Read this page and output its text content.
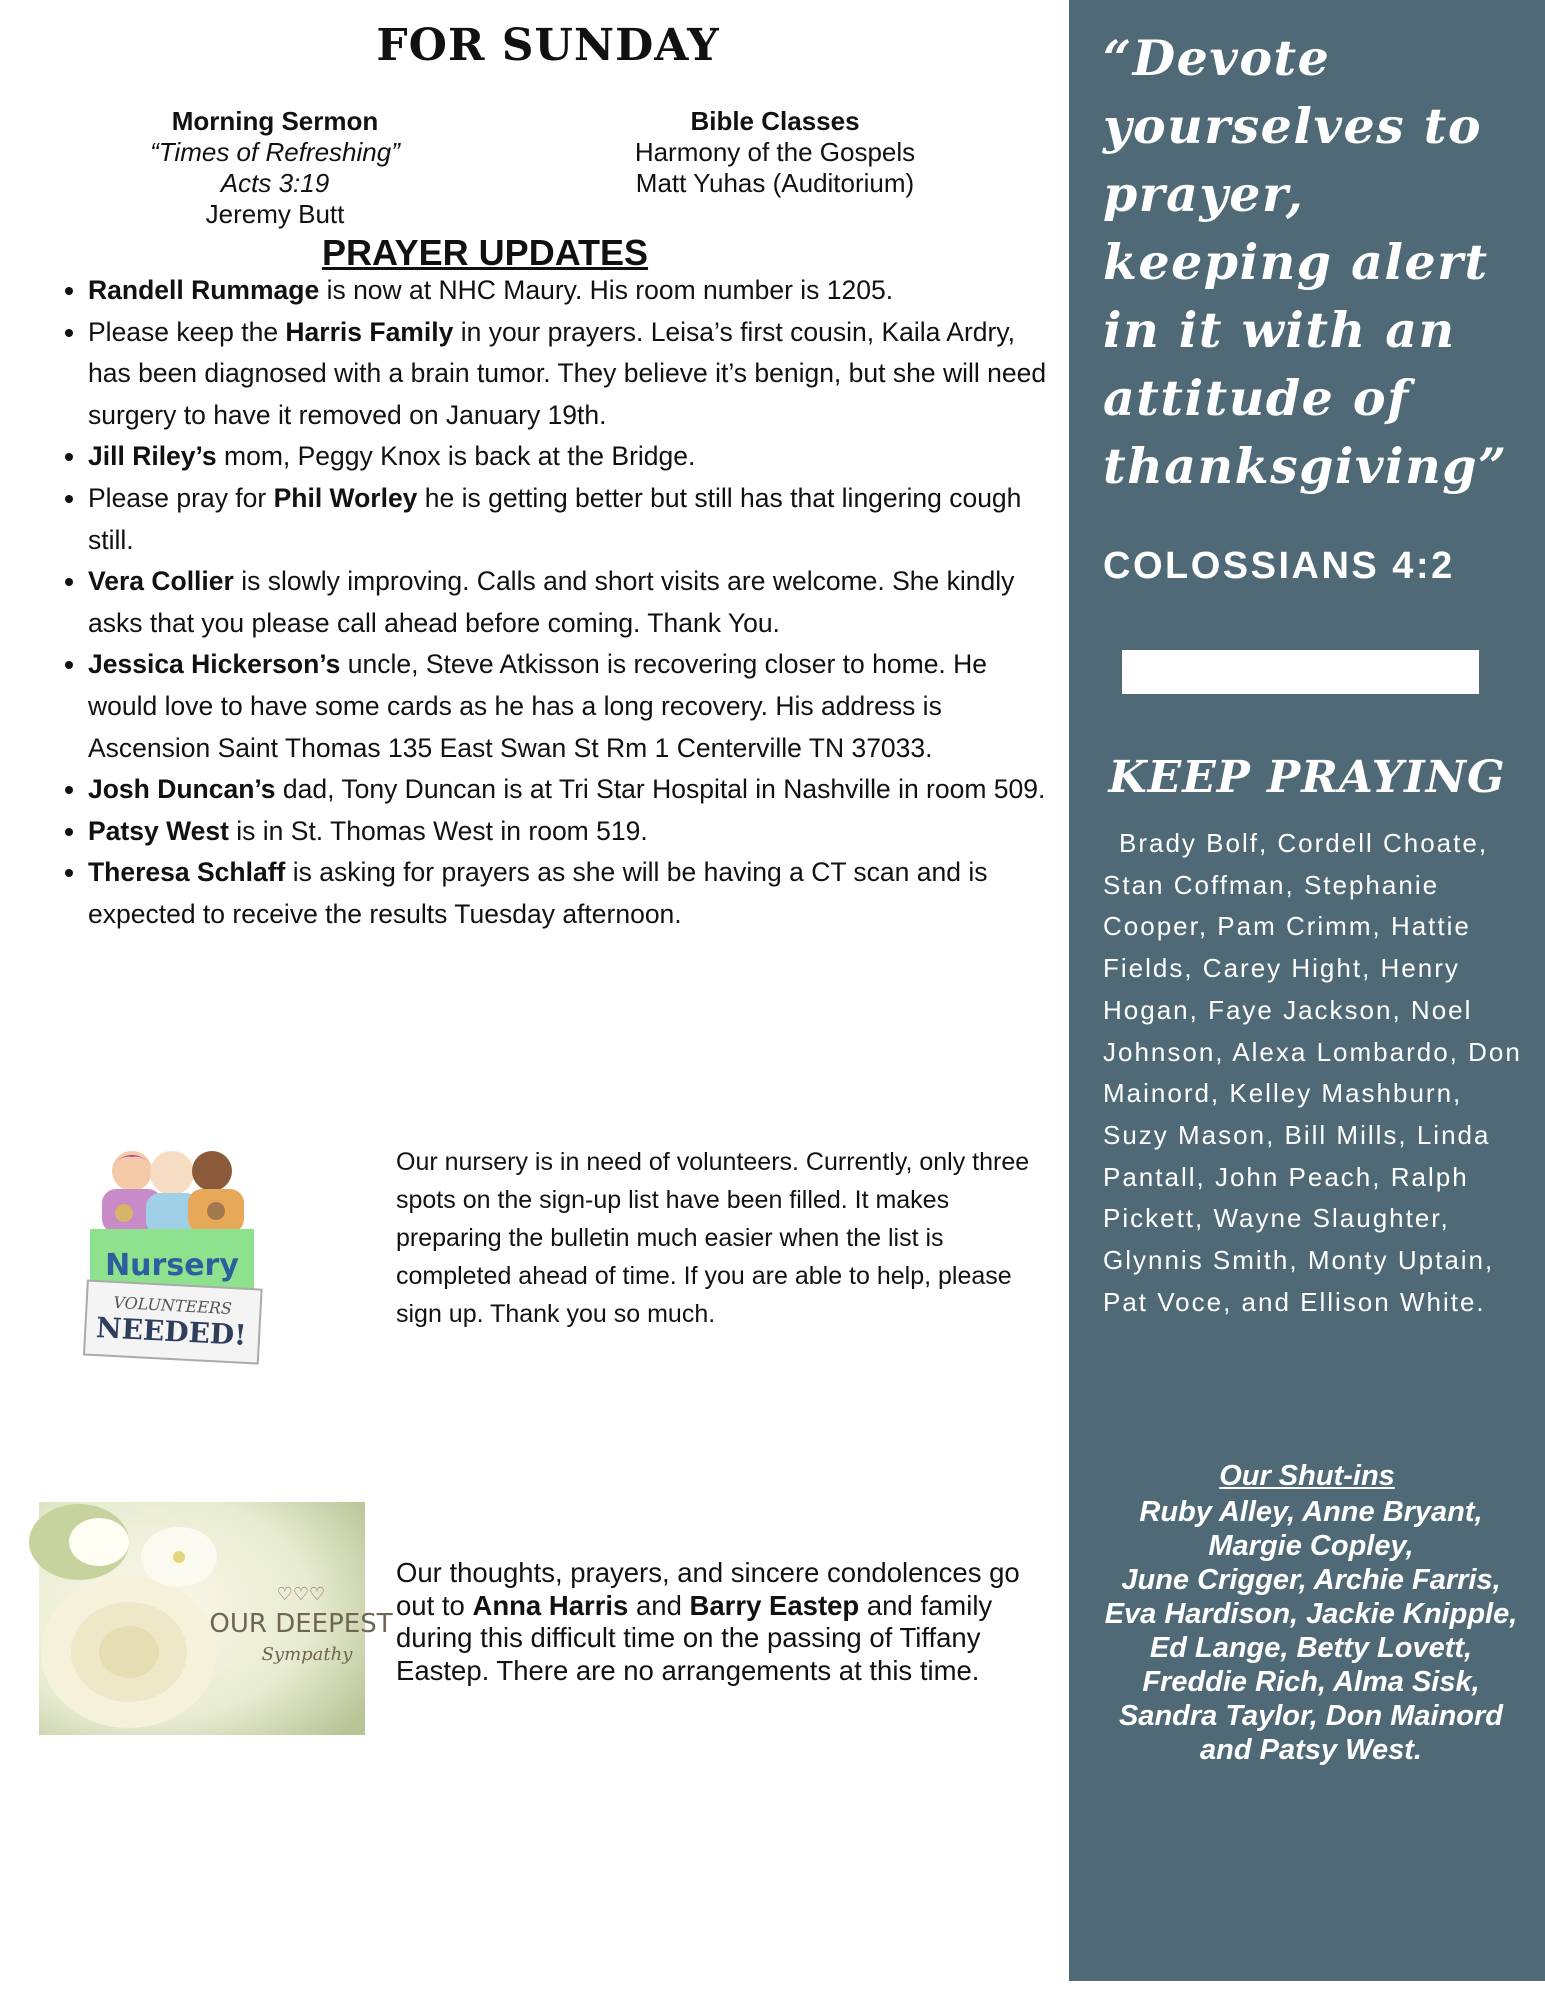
FOR SUNDAY
Morning Sermon
“Times of Refreshing”
Acts 3:19
Jeremy Butt
Bible Classes
Harmony of the Gospels
Matt Yuhas (Auditorium)
PRAYER UPDATES
• Randell Rummage is now at NHC Maury. His room number is 1205.
• Please keep the Harris Family in your prayers. Leisa’s first cousin, Kaila Ardry, has been diagnosed with a brain tumor. They believe it’s benign, but she will need surgery to have it removed on January 19th.
• Jill Riley’s mom, Peggy Knox is back at the Bridge.
• Please pray for Phil Worley he is getting better but still has that lingering cough still.
• Vera Collier is slowly improving. Calls and short visits are welcome. She kindly asks that you please call ahead before coming. Thank You.
• Jessica Hickerson’s uncle, Steve Atkisson is recovering closer to home. He would love to have some cards as he has a long recovery. His address is Ascension Saint Thomas 135 East Swan St Rm 1 Centerville TN 37033.
• Josh Duncan’s dad, Tony Duncan is at Tri Star Hospital in Nashville in room 509.
• Patsy West is in St. Thomas West in room 519.
• Theresa Schlaff is asking for prayers as she will be having a CT scan and is expected to receive the results Tuesday afternoon.
Nursery
VOLUNTEERS
NEEDED!
Our nursery is in need of volunteers. Currently, only three spots on the sign-up list have been filled. It makes preparing the bulletin much easier when the list is completed ahead of time. If you are able to help, please sign up. Thank you so much.
♡♡♡
OUR DEEPEST
Sympathy
Our thoughts, prayers, and sincere condolences go out to Anna Harris and Barry Eastep and family during this difficult time on the passing of Tiffany Eastep. There are no arrangements at this time.
“Devote yourselves to prayer, keeping alert in it with an attitude of thanksgiving”
COLOSSIANS 4:2
KEEP PRAYING
Brady Bolf, Cordell Choate, Stan Coffman, Stephanie Cooper, Pam Crimm, Hattie Fields, Carey Hight, Henry Hogan, Faye Jackson, Noel Johnson, Alexa Lombardo, Don Mainord, Kelley Mashburn, Suzy Mason, Bill Mills, Linda Pantall, John Peach, Ralph Pickett, Wayne Slaughter, Glynnis Smith, Monty Uptain, Pat Voce, and Ellison White.
Our Shut-ins
Ruby Alley, Anne Bryant,
Margie Copley,
June Crigger, Archie Farris,
Eva Hardison, Jackie Knipple,
Ed Lange, Betty Lovett,
Freddie Rich, Alma Sisk,
Sandra Taylor, Don Mainord
and Patsy West.
